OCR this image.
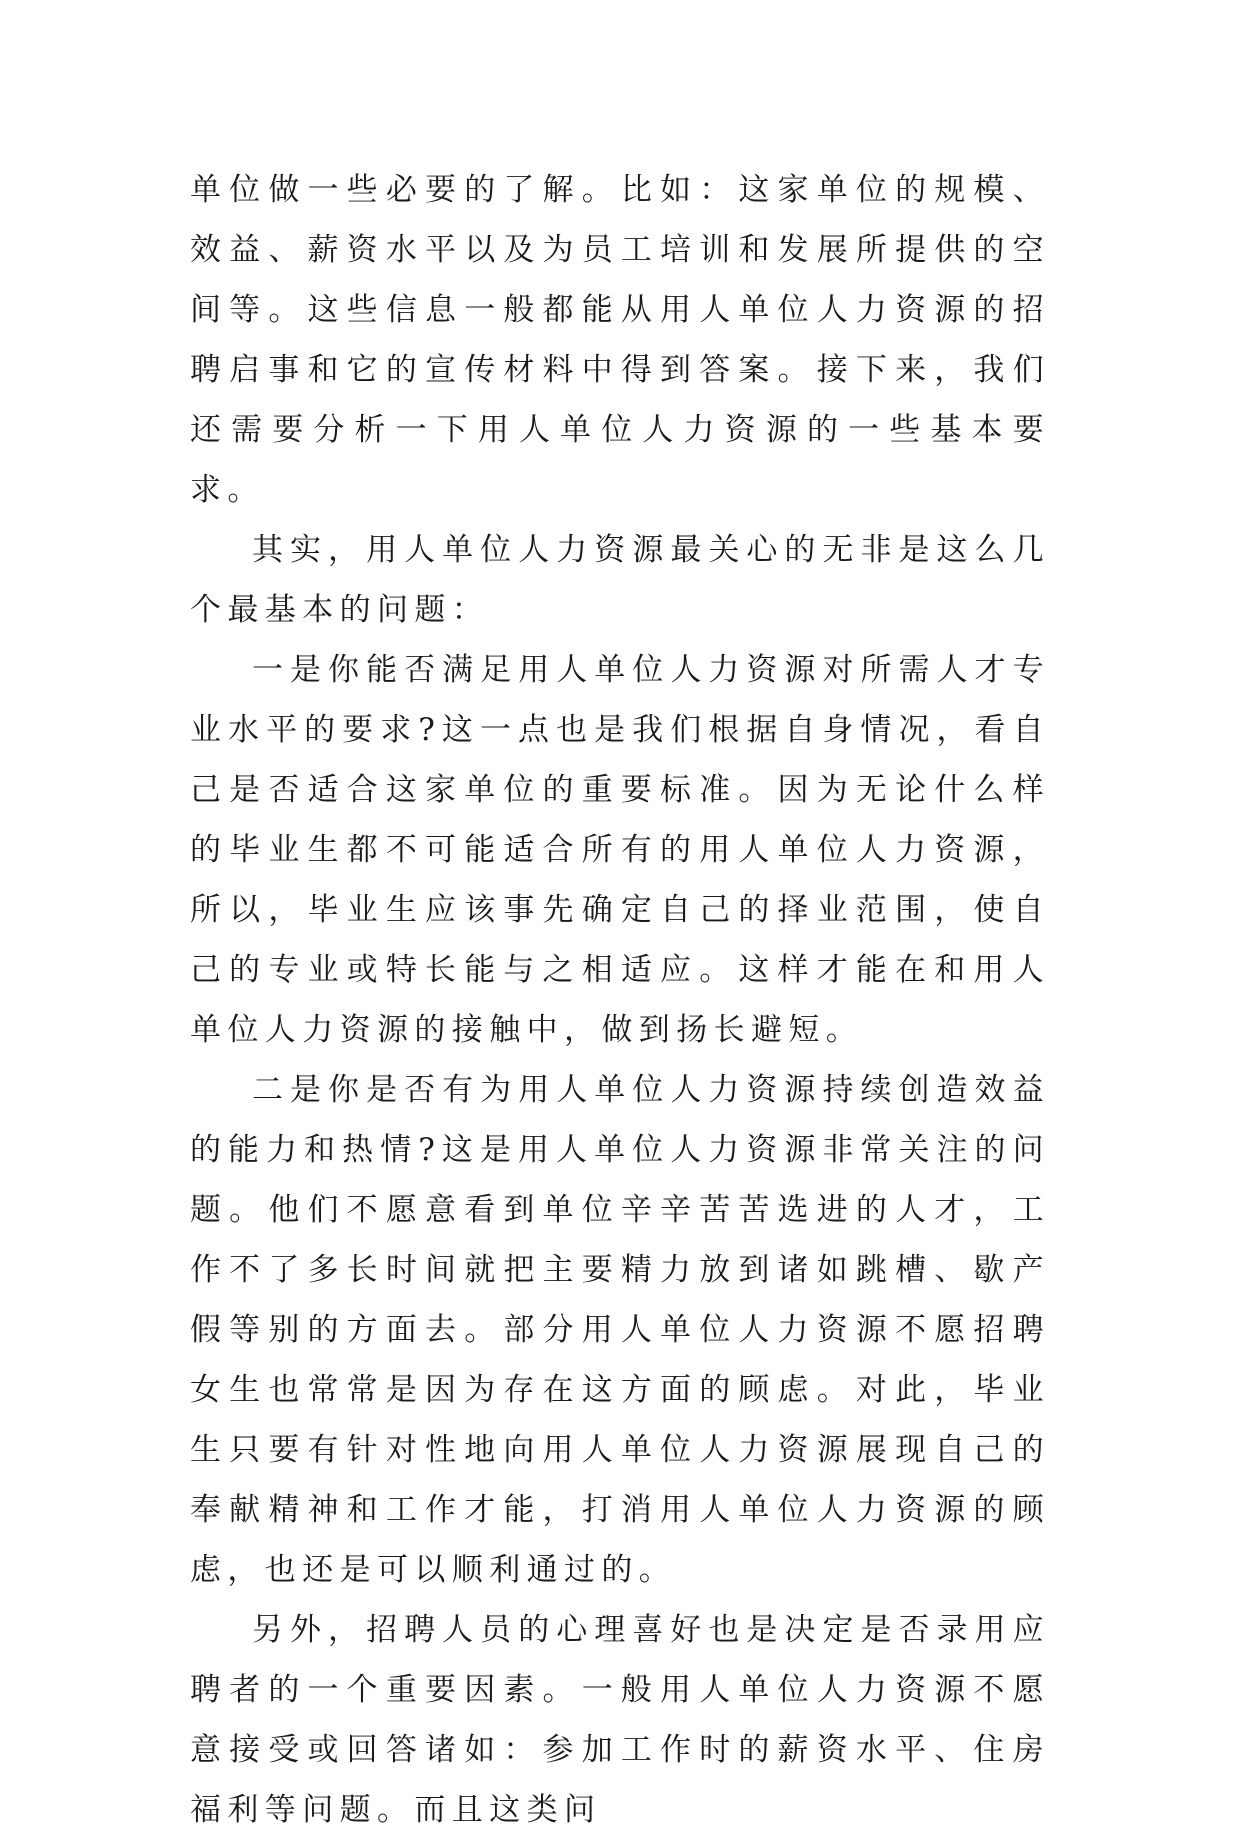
单位做一些必要的了解。比如：这家单位的规模、效益、薪资水平以及为员工培训和发展所提供的空间等。这些信息一般都能从用人单位人力资源的招聘启事和它的宣传材料中得到答案。接下来，我们还需要分析一下用人单位人力资源的一些基本要求。

其实，用人单位人力资源最关心的无非是这么几个最基本的问题：

一是你能否满足用人单位人力资源对所需人才专业水平的要求?这一点也是我们根据自身情况，看自己是否适合这家单位的重要标准。因为无论什么样的毕业生都不可能适合所有的用人单位人力资源，所以，毕业生应该事先确定自己的择业范围，使自己的专业或特长能与之相适应。这样才能在和用人单位人力资源的接触中，做到扬长避短。

二是你是否有为用人单位人力资源持续创造效益的能力和热情?这是用人单位人力资源非常关注的问题。他们不愿意看到单位辛辛苦苦选进的人才，工作不了多长时间就把主要精力放到诸如跳槽、歇产假等别的方面去。部分用人单位人力资源不愿招聘女生也常常是因为存在这方面的顾虑。对此，毕业生只要有针对性地向用人单位人力资源展现自己的奉献精神和工作才能，打消用人单位人力资源的顾虑，也还是可以顺利通过的。

另外，招聘人员的心理喜好也是决定是否录用应聘者的一个重要因素。一般用人单位人力资源不愿意接受或回答诸如：参加工作时的薪资水平、住房福利等问题。而且这类问
